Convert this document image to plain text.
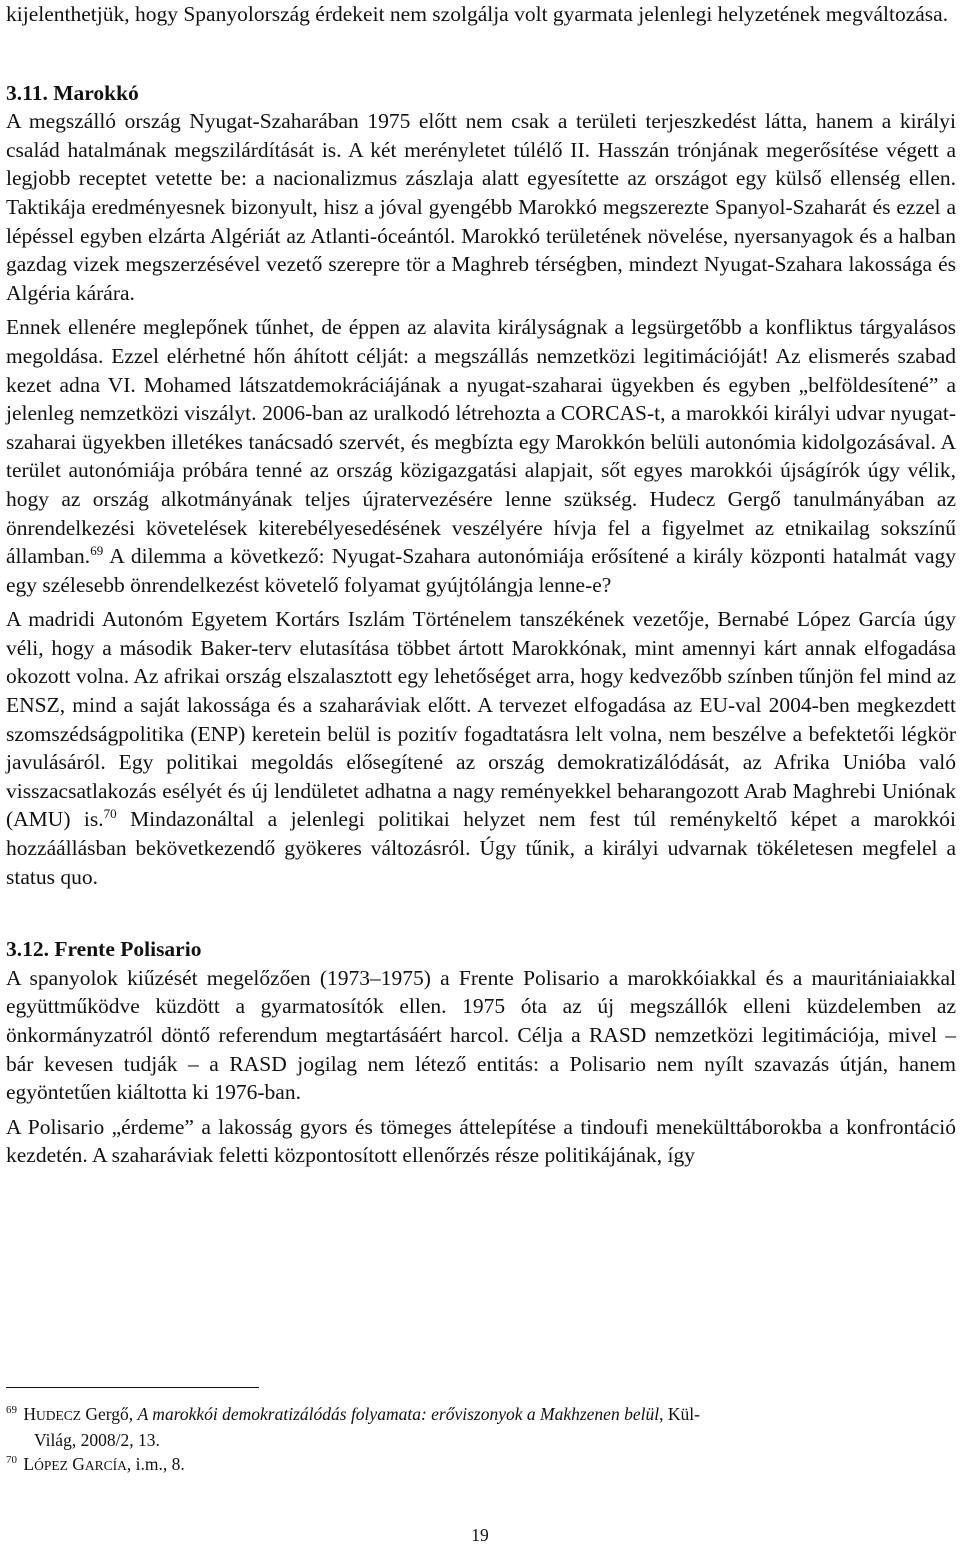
kijelenthetjük, hogy Spanyolország érdekeit nem szolgálja volt gyarmata jelenlegi helyzetének megváltozása.

3.11. Marokkó

A megszálló ország Nyugat-Szaharában 1975 előtt nem csak a területi terjeszkedést látta, hanem a királyi család hatalmának megszilárdítását is. A két merényletet túlélő II. Hasszán trónjának megerősítése végett a legjobb receptet vetette be: a nacionalizmus zászlaja alatt egyesítette az országot egy külső ellenség ellen. Taktikája eredményesnek bizonyult, hisz a jóval gyengébb Marokkó megszerezte Spanyol-Szaharát és ezzel a lépéssel egyben elzárta Algériát az Atlanti-óceántól. Marokkó területének növelése, nyersanyagok és a halban gazdag vizek megszerzésével vezető szerepre tör a Maghreb térségben, mindezt Nyugat-Szahara lakossága és Algéria kárára.

Ennek ellenére meglepőnek tűnhet, de éppen az alavita királyságnak a legsürgetőbb a konfliktus tárgyalásos megoldása. Ezzel elérhetné hőn áhított célját: a megszállás nemzetközi legitimációját! Az elismerés szabad kezet adna VI. Mohamed látszatdemokráciájának a nyugat-szaharai ügyekben és egyben „belföldesítené” a jelenleg nemzetközi viszályt. 2006-ban az uralkodó létrehozta a CORCAS-t, a marokkói királyi udvar nyugat-szaharai ügyekben illetékes tanácsadó szervét, és megbízta egy Marokkón belüli autonómia kidolgozásával. A terület autonómiája próbára tenné az ország közigazgatási alapjait, sőt egyes marokkói újságírók úgy vélik, hogy az ország alkotmányának teljes újratervezésére lenne szükség. Hudecz Gergő tanulmányában az önrendelkezési követelések kiterebélyesedésének veszélyére hívja fel a figyelmet az etnikailag sokszínű államban.$^{69}$ A dilemma a következő: Nyugat-Szahara autonómiája erősítené a király központi hatalmát vagy egy szélesebb önrendelkezést követelő folyamat gyújtólángja lenne-e?

A madridi Autonóm Egyetem Kortárs Iszlám Történelem tanszékének vezetője, Bernabé López García úgy véli, hogy a második Baker-terv elutasítása többet ártott Marokkónak, mint amennyi kárt annak elfogadása okozott volna. Az afrikai ország elszalasztott egy lehetőséget arra, hogy kedvezőbb színben tűnjön fel mind az ENSZ, mind a saját lakossága és a szaharáviak előtt. A tervezet elfogadása az EU-val 2004-ben megkezdett szomszédságpolitika (ENP) keretein belül is pozitív fogadtatásra lelt volna, nem beszélve a befektetői légkör javulásáról. Egy politikai megoldás elősegítené az ország demokratizálódását, az Afrika Unióba való visszacsatlakozás esélyét és új lendületet adhatna a nagy reményekkel beharangozott Arab Maghrebi Uniónak (AMU) is.$^{70}$ Mindazonáltal a jelenlegi politikai helyzet nem fest túl reménykeltő képet a marokkói hozzáállásban bekövetkezendő gyökeres változásról. Úgy tűnik, a királyi udvarnak tökéletesen megfelel a status quo.

3.12. Frente Polisario

A spanyolok kiűzését megelőzően (1973–1975) a Frente Polisario a marokkóiakkal és a mauritániaiakkal együttműködve küzdött a gyarmatosítók ellen. 1975 óta az új megszállók elleni küzdelemben az önkormányzatról döntő referendum megtartásáért harcol. Célja a RASD nemzetközi legitimációja, mivel – bár kevesen tudják – a RASD jogilag nem létező entitás: a Polisario nem nyílt szavazás útján, hanem egyöntetűen kiáltotta ki 1976-ban.

A Polisario „érdeme” a lakosság gyors és tömeges áttelepítése a tindoufi menekülttáborokba a konfrontáció kezdetén. A szaharáviak feletti központosított ellenőrzés része politikájának, így

$^{69}$ HUDECZ Gergő, A marokkói demokratizálódás folyamata: erőviszonyok a Makhzenen belül, Kül-
Világ, 2008/2, 13.
$^{70}$ LÓPEZ GARCÍA, i.m., 8.
19
